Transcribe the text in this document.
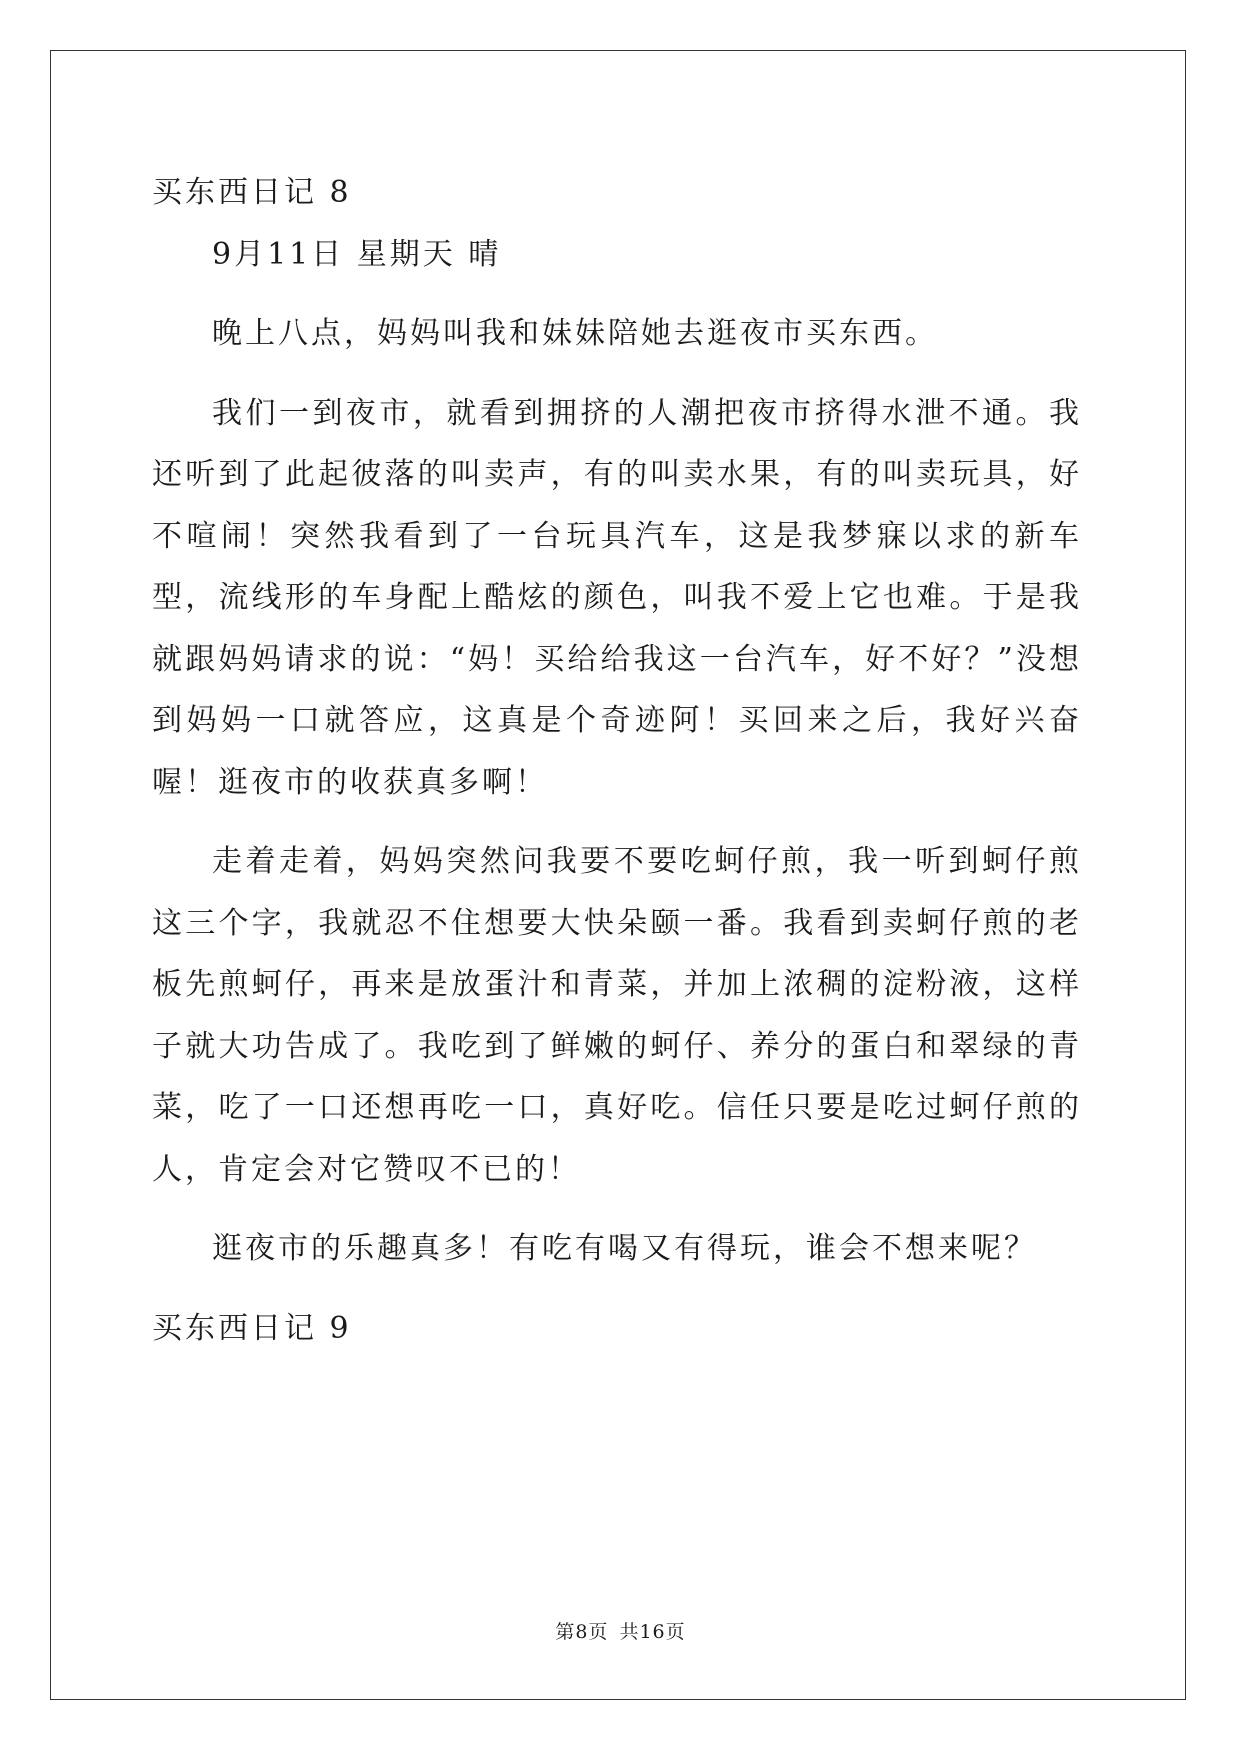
买东西日记 8
9月11日 星期天 晴
晚上八点，妈妈叫我和妹妹陪她去逛夜市买东西。
我们一到夜市，就看到拥挤的人潮把夜市挤得水泄不通。我还听到了此起彼落的叫卖声，有的叫卖水果，有的叫卖玩具，好不喧闹！突然我看到了一台玩具汽车，这是我梦寐以求的新车型，流线形的车身配上酷炫的颜色，叫我不爱上它也难。于是我就跟妈妈请求的说：“妈！买给给我这一台汽车，好不好？”没想到妈妈一口就答应，这真是个奇迹阿！买回来之后，我好兴奋喔！逛夜市的收获真多啊！
走着走着，妈妈突然问我要不要吃蚵仔煎，我一听到蚵仔煎这三个字，我就忍不住想要大快朵颐一番。我看到卖蚵仔煎的老板先煎蚵仔，再来是放蛋汁和青菜，并加上浓稠的淀粉液，这样子就大功告成了。我吃到了鲜嫩的蚵仔、养分的蛋白和翠绿的青菜，吃了一口还想再吃一口，真好吃。信任只要是吃过蚵仔煎的人，肯定会对它赞叹不已的！
逛夜市的乐趣真多！有吃有喝又有得玩，谁会不想来呢？
买东西日记 9
第8页 共16页
